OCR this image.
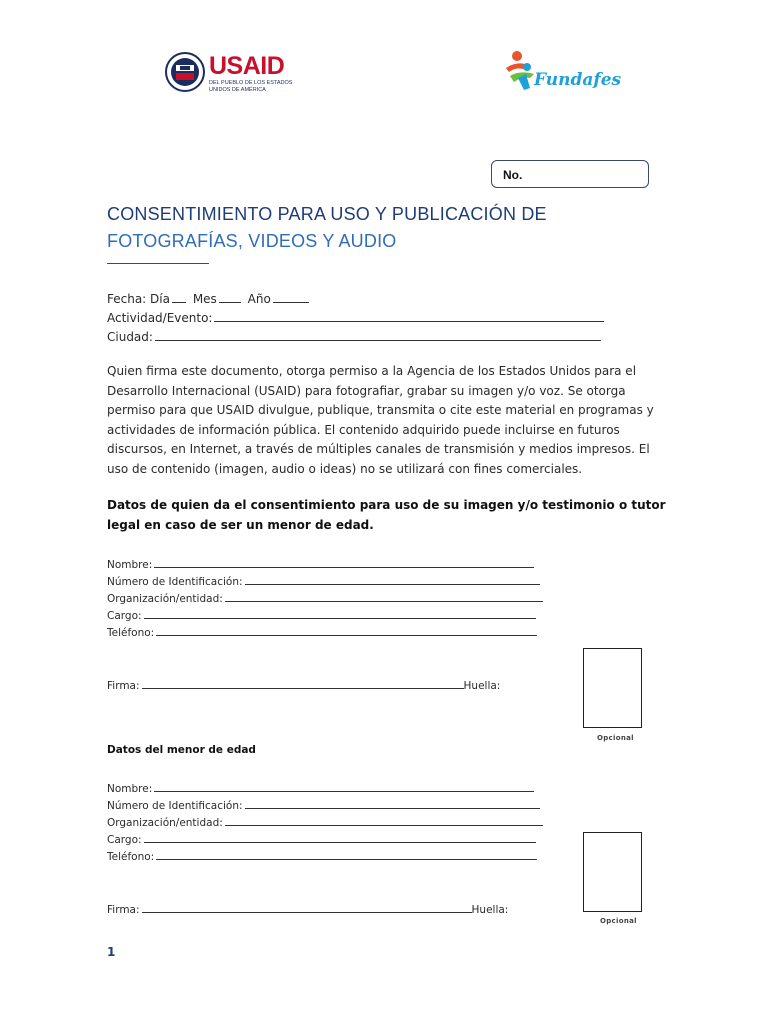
USAID
DEL PUEBLO DE LOS ESTADOS
UNIDOS DE AMÉRICA	Fundafes
No.
CONSENTIMIENTO PARA USO Y PUBLICACIÓN DE
FOTOGRAFÍAS, VIDEOS Y AUDIO
Fecha: Día Mes	Año
Actividad/Evento:
Ciudad:
Quien firma este documento, otorga permiso a la Agencia de los Estados Unidos para el Desarrollo Internacional (USAID) para fotografiar, grabar su imagen y/o voz. Se otorga permiso para que USAID divulgue, publique, transmita o cite este material en programas y actividades de información pública. El contenido adquirido puede incluirse en futuros discursos, en Internet, a través de múltiples canales de transmisión y medios impresos. El uso de contenido (imagen, audio o ideas) no se utilizará con fines comerciales.
Datos de quien da el consentimiento para uso de su imagen y/o testimonio o tutor
legal en caso de ser un menor de edad.
Nombre:
Número de Identificación:
Organización/entidad:
Cargo:
Teléfono:
Firma:	Huella:
Opcional
Datos del menor de edad
Nombre:
Número de Identificación:
Organización/entidad:
Cargo:
Teléfono:
Firma:	Huella:
Opcional
1
